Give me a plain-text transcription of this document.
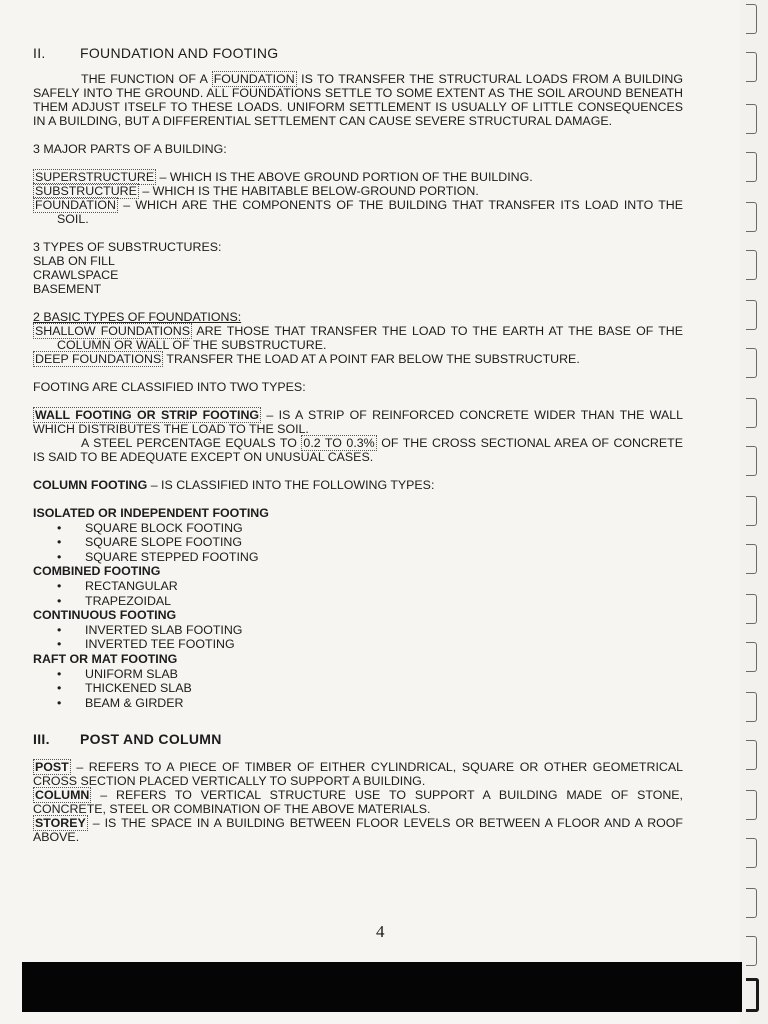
II.	FOUNDATION AND FOOTING

THE FUNCTION OF A FOUNDATION IS TO TRANSFER THE STRUCTURAL LOADS FROM A BUILDING SAFELY INTO THE GROUND. ALL FOUNDATIONS SETTLE TO SOME EXTENT AS THE SOIL AROUND BENEATH THEM ADJUST ITSELF TO THESE LOADS. UNIFORM SETTLEMENT IS USUALLY OF LITTLE CONSEQUENCES IN A BUILDING, BUT A DIFFERENTIAL SETTLEMENT CAN CAUSE SEVERE STRUCTURAL DAMAGE.

3 MAJOR PARTS OF A BUILDING:

SUPERSTRUCTURE – WHICH IS THE ABOVE GROUND PORTION OF THE BUILDING.

SUBSTRUCTURE – WHICH IS THE HABITABLE BELOW-GROUND PORTION.

FOUNDATION – WHICH ARE THE COMPONENTS OF THE BUILDING THAT TRANSFER ITS LOAD INTO THE SOIL.

3 TYPES OF SUBSTRUCTURES:

SLAB ON FILL

CRAWLSPACE

BASEMENT

2 BASIC TYPES OF FOUNDATIONS:

SHALLOW FOUNDATIONS ARE THOSE THAT TRANSFER THE LOAD TO THE EARTH AT THE BASE OF THE COLUMN OR WALL OF THE SUBSTRUCTURE.

DEEP FOUNDATIONS TRANSFER THE LOAD AT A POINT FAR BELOW THE SUBSTRUCTURE.

FOOTING ARE CLASSIFIED INTO TWO TYPES:

WALL FOOTING OR STRIP FOOTING – IS A STRIP OF REINFORCED CONCRETE WIDER THAN THE WALL WHICH DISTRIBUTES THE LOAD TO THE SOIL.

A STEEL PERCENTAGE EQUALS TO 0.2 TO 0.3% OF THE CROSS SECTIONAL AREA OF CONCRETE IS SAID TO BE ADEQUATE EXCEPT ON UNUSUAL CASES.

COLUMN FOOTING – IS CLASSIFIED INTO THE FOLLOWING TYPES:

ISOLATED OR INDEPENDENT FOOTING
• SQUARE BLOCK FOOTING
• SQUARE SLOPE FOOTING
• SQUARE STEPPED FOOTING
COMBINED FOOTING
• RECTANGULAR
• TRAPEZOIDAL
CONTINUOUS FOOTING
• INVERTED SLAB FOOTING
• INVERTED TEE FOOTING
RAFT OR MAT FOOTING
• UNIFORM SLAB
• THICKENED SLAB
• BEAM & GIRDER
III.	POST AND COLUMN

POST – REFERS TO A PIECE OF TIMBER OF EITHER CYLINDRICAL, SQUARE OR OTHER GEOMETRICAL CROSS SECTION PLACED VERTICALLY TO SUPPORT A BUILDING.

COLUMN – REFERS TO VERTICAL STRUCTURE USE TO SUPPORT A BUILDING MADE OF STONE, CONCRETE, STEEL OR COMBINATION OF THE ABOVE MATERIALS.

STOREY – IS THE SPACE IN A BUILDING BETWEEN FLOOR LEVELS OR BETWEEN A FLOOR AND A ROOF ABOVE.

4
